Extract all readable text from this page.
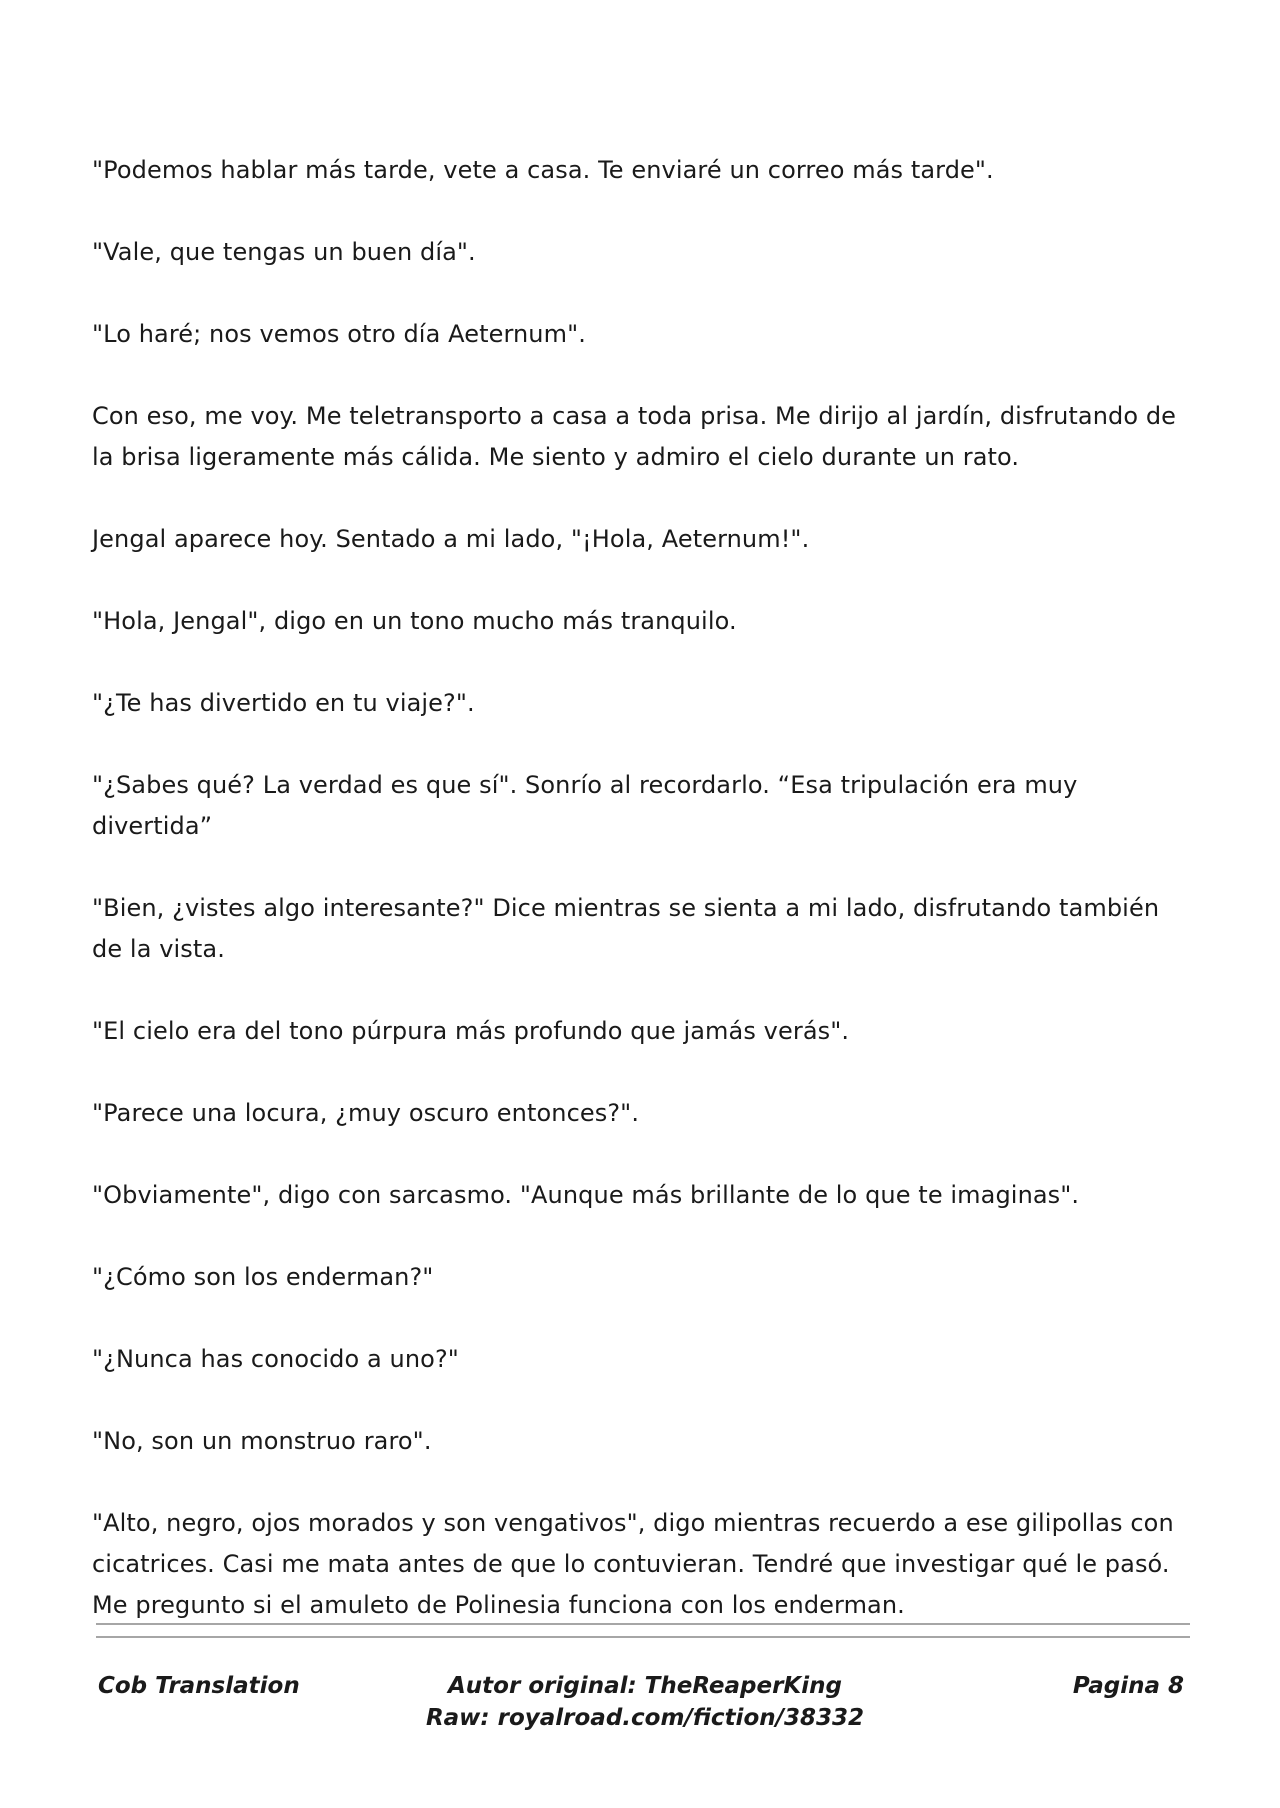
"Podemos hablar más tarde, vete a casa. Te enviaré un correo más tarde".

"Vale, que tengas un buen día".

"Lo haré; nos vemos otro día Aeternum".

Con eso, me voy. Me teletransporto a casa a toda prisa. Me dirijo al jardín, disfrutando de la brisa ligeramente más cálida. Me siento y admiro el cielo durante un rato.

Jengal aparece hoy. Sentado a mi lado, "¡Hola, Aeternum!".

"Hola, Jengal", digo en un tono mucho más tranquilo.

"¿Te has divertido en tu viaje?".

"¿Sabes qué? La verdad es que sí". Sonrío al recordarlo. “Esa tripulación era muy divertida”

"Bien, ¿vistes algo interesante?" Dice mientras se sienta a mi lado, disfrutando también de la vista.

"El cielo era del tono púrpura más profundo que jamás verás".

"Parece una locura, ¿muy oscuro entonces?".

"Obviamente", digo con sarcasmo. "Aunque más brillante de lo que te imaginas".

"¿Cómo son los enderman?"

"¿Nunca has conocido a uno?"

"No, son un monstruo raro".

"Alto, negro, ojos morados y son vengativos", digo mientras recuerdo a ese gilipollas con cicatrices. Casi me mata antes de que lo contuvieran. Tendré que investigar qué le pasó. Me pregunto si el amuleto de Polinesia funciona con los enderman.

Cob Translation	Autor original: TheReaperKing
Raw: royalroad.com/fiction/38332
Pagina 8
